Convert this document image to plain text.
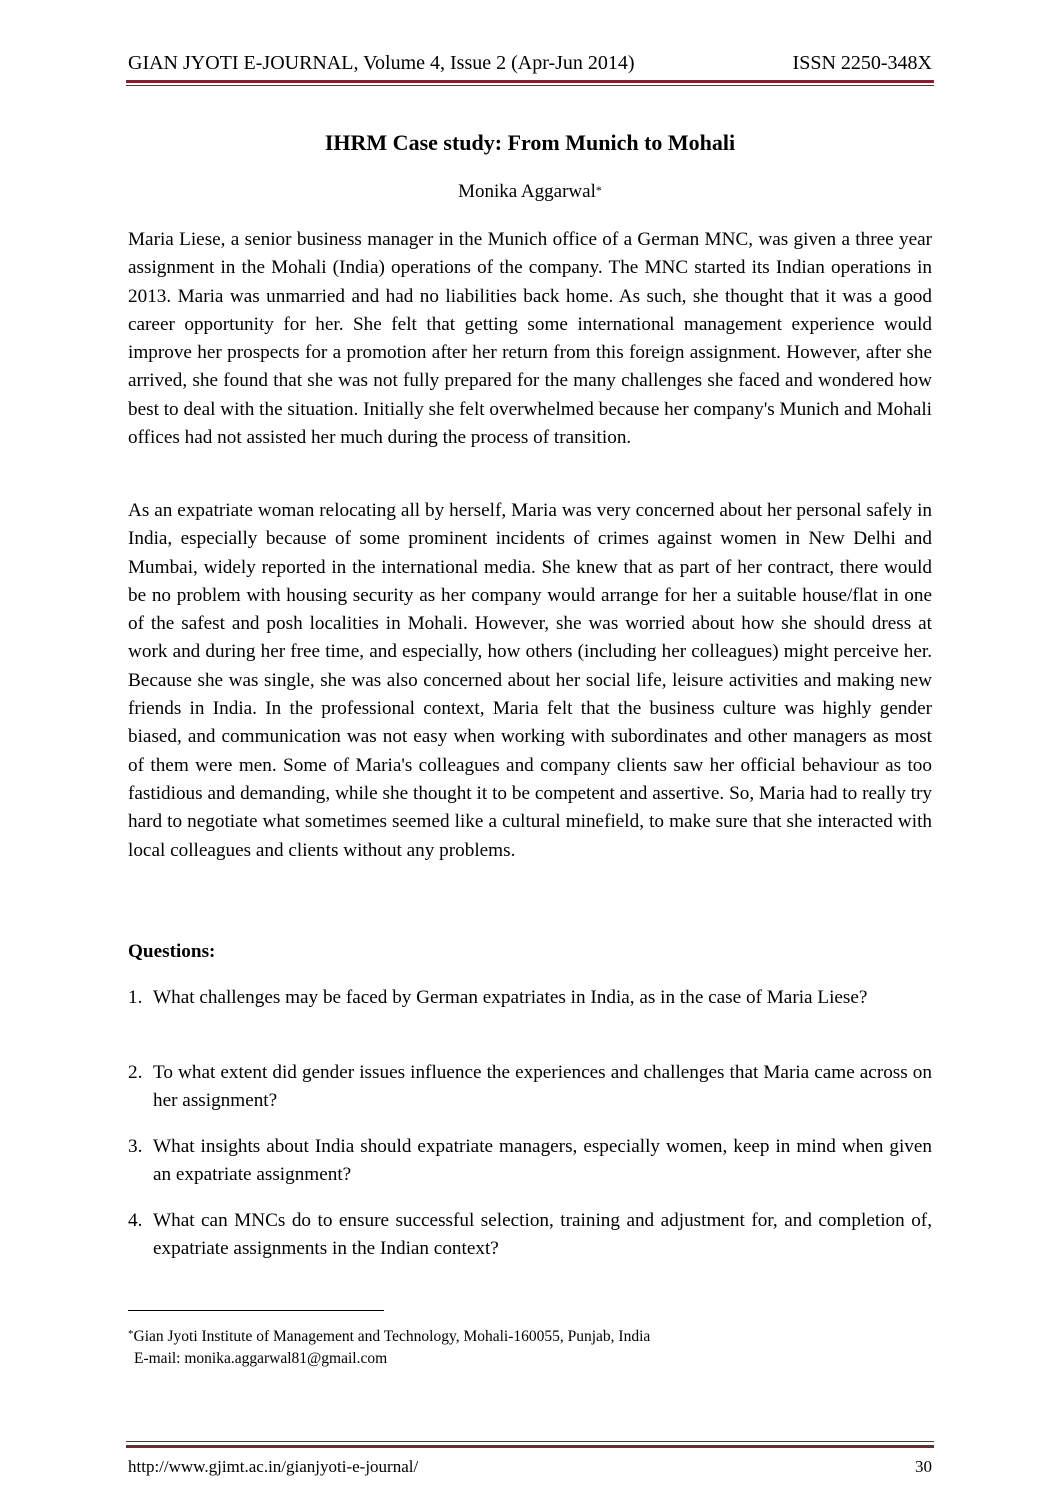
GIAN JYOTI E-JOURNAL, Volume 4, Issue 2 (Apr-Jun 2014)	ISSN 2250-348X
IHRM Case study: From Munich to Mohali
Monika Aggarwal*

Maria Liese, a senior business manager in the Munich office of a German MNC, was given a three year assignment in the Mohali (India) operations of the company. The MNC started its Indian operations in 2013. Maria was unmarried and had no liabilities back home. As such, she thought that it was a good career opportunity for her. She felt that getting some international management experience would improve her prospects for a promotion after her return from this foreign assignment. However, after she arrived, she found that she was not fully prepared for the many challenges she faced and wondered how best to deal with the situation. Initially she felt overwhelmed because her company's Munich and Mohali offices had not assisted her much during the process of transition.

As an expatriate woman relocating all by herself, Maria was very concerned about her personal safely in India, especially because of some prominent incidents of crimes against women in New Delhi and Mumbai, widely reported in the international media. She knew that as part of her contract, there would be no problem with housing security as her company would arrange for her a suitable house/flat in one of the safest and posh localities in Mohali. However, she was worried about how she should dress at work and during her free time, and especially, how others (including her colleagues) might perceive her. Because she was single, she was also concerned about her social life, leisure activities and making new friends in India. In the professional context, Maria felt that the business culture was highly gender biased, and communication was not easy when working with subordinates and other managers as most of them were men. Some of Maria's colleagues and company clients saw her official behaviour as too fastidious and demanding, while she thought it to be competent and assertive. So, Maria had to really try hard to negotiate what sometimes seemed like a cultural minefield, to make sure that she interacted with local colleagues and clients without any problems.

Questions:
1. What challenges may be faced by German expatriates in India, as in the case of Maria Liese?
2. To what extent did gender issues influence the experiences and challenges that Maria came across on her assignment?
3. What insights about India should expatriate managers, especially women, keep in mind when given an expatriate assignment?
4. What can MNCs do to ensure successful selection, training and adjustment for, and completion of, expatriate assignments in the Indian context?
*Gian Jyoti Institute of Management and Technology, Mohali-160055, Punjab, India
E-mail: monika.aggarwal81@gmail.com
http://www.gjimt.ac.in/gianjyoti-e-journal/	30
